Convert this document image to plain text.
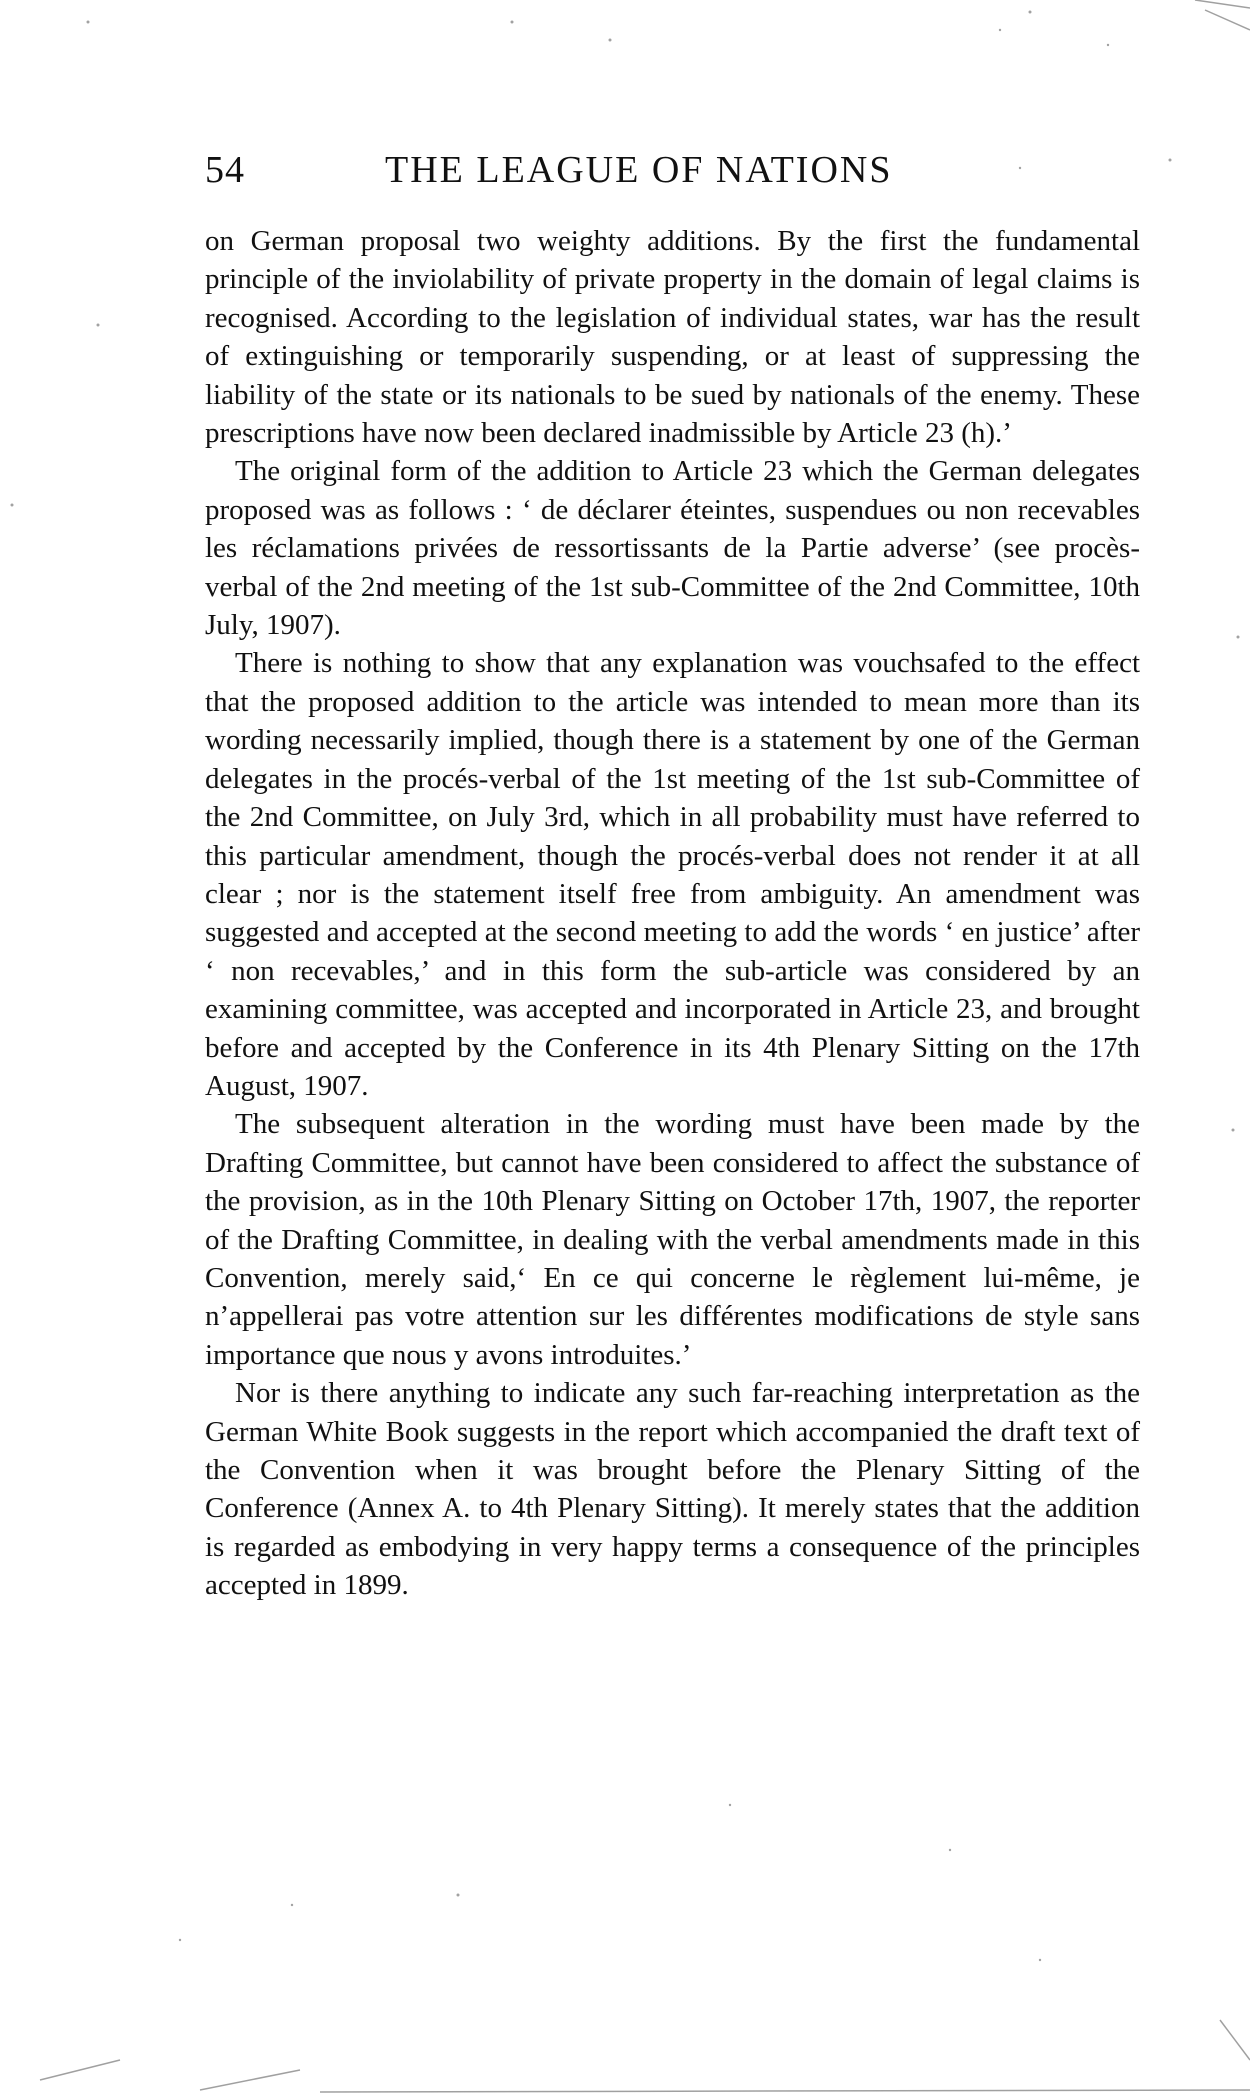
54	THE LEAGUE OF NATIONS

on German proposal two weighty additions. By the first the fundamental principle of the inviolability of private property in the domain of legal claims is recognised. According to the legislation of individual states, war has the result of extinguishing or temporarily suspending, or at least of suppressing the liability of the state or its nationals to be sued by nationals of the enemy. These prescriptions have now been declared inadmissible by Article 23 (h).’

The original form of the addition to Article 23 which the German delegates proposed was as follows : ‘ de déclarer éteintes, suspendues ou non recevables les réclamations privées de ressortissants de la Partie adverse’ (see procès-verbal of the 2nd meeting of the 1st sub-Committee of the 2nd Committee, 10th July, 1907).

There is nothing to show that any explanation was vouchsafed to the effect that the proposed addition to the article was intended to mean more than its wording necessarily implied, though there is a statement by one of the German delegates in the procés-verbal of the 1st meeting of the 1st sub-Committee of the 2nd Committee, on July 3rd, which in all probability must have referred to this particular amendment, though the procés-verbal does not render it at all clear ; nor is the statement itself free from ambiguity. An amendment was suggested and accepted at the second meeting to add the words ‘ en justice’ after ‘ non recevables,’ and in this form the sub-article was considered by an examining committee, was accepted and incorporated in Article 23, and brought before and accepted by the Conference in its 4th Plenary Sitting on the 17th August, 1907.

The subsequent alteration in the wording must have been made by the Drafting Committee, but cannot have been considered to affect the substance of the provision, as in the 10th Plenary Sitting on October 17th, 1907, the reporter of the Drafting Committee, in dealing with the verbal amendments made in this Convention, merely said,‘ En ce qui concerne le règlement lui-même, je n’appellerai pas votre attention sur les différentes modifications de style sans importance que nous y avons introduites.’

Nor is there anything to indicate any such far-reaching interpretation as the German White Book suggests in the report which accompanied the draft text of the Convention when it was brought before the Plenary Sitting of the Conference (Annex A. to 4th Plenary Sitting). It merely states that the addition is regarded as embodying in very happy terms a consequence of the principles accepted in 1899.
